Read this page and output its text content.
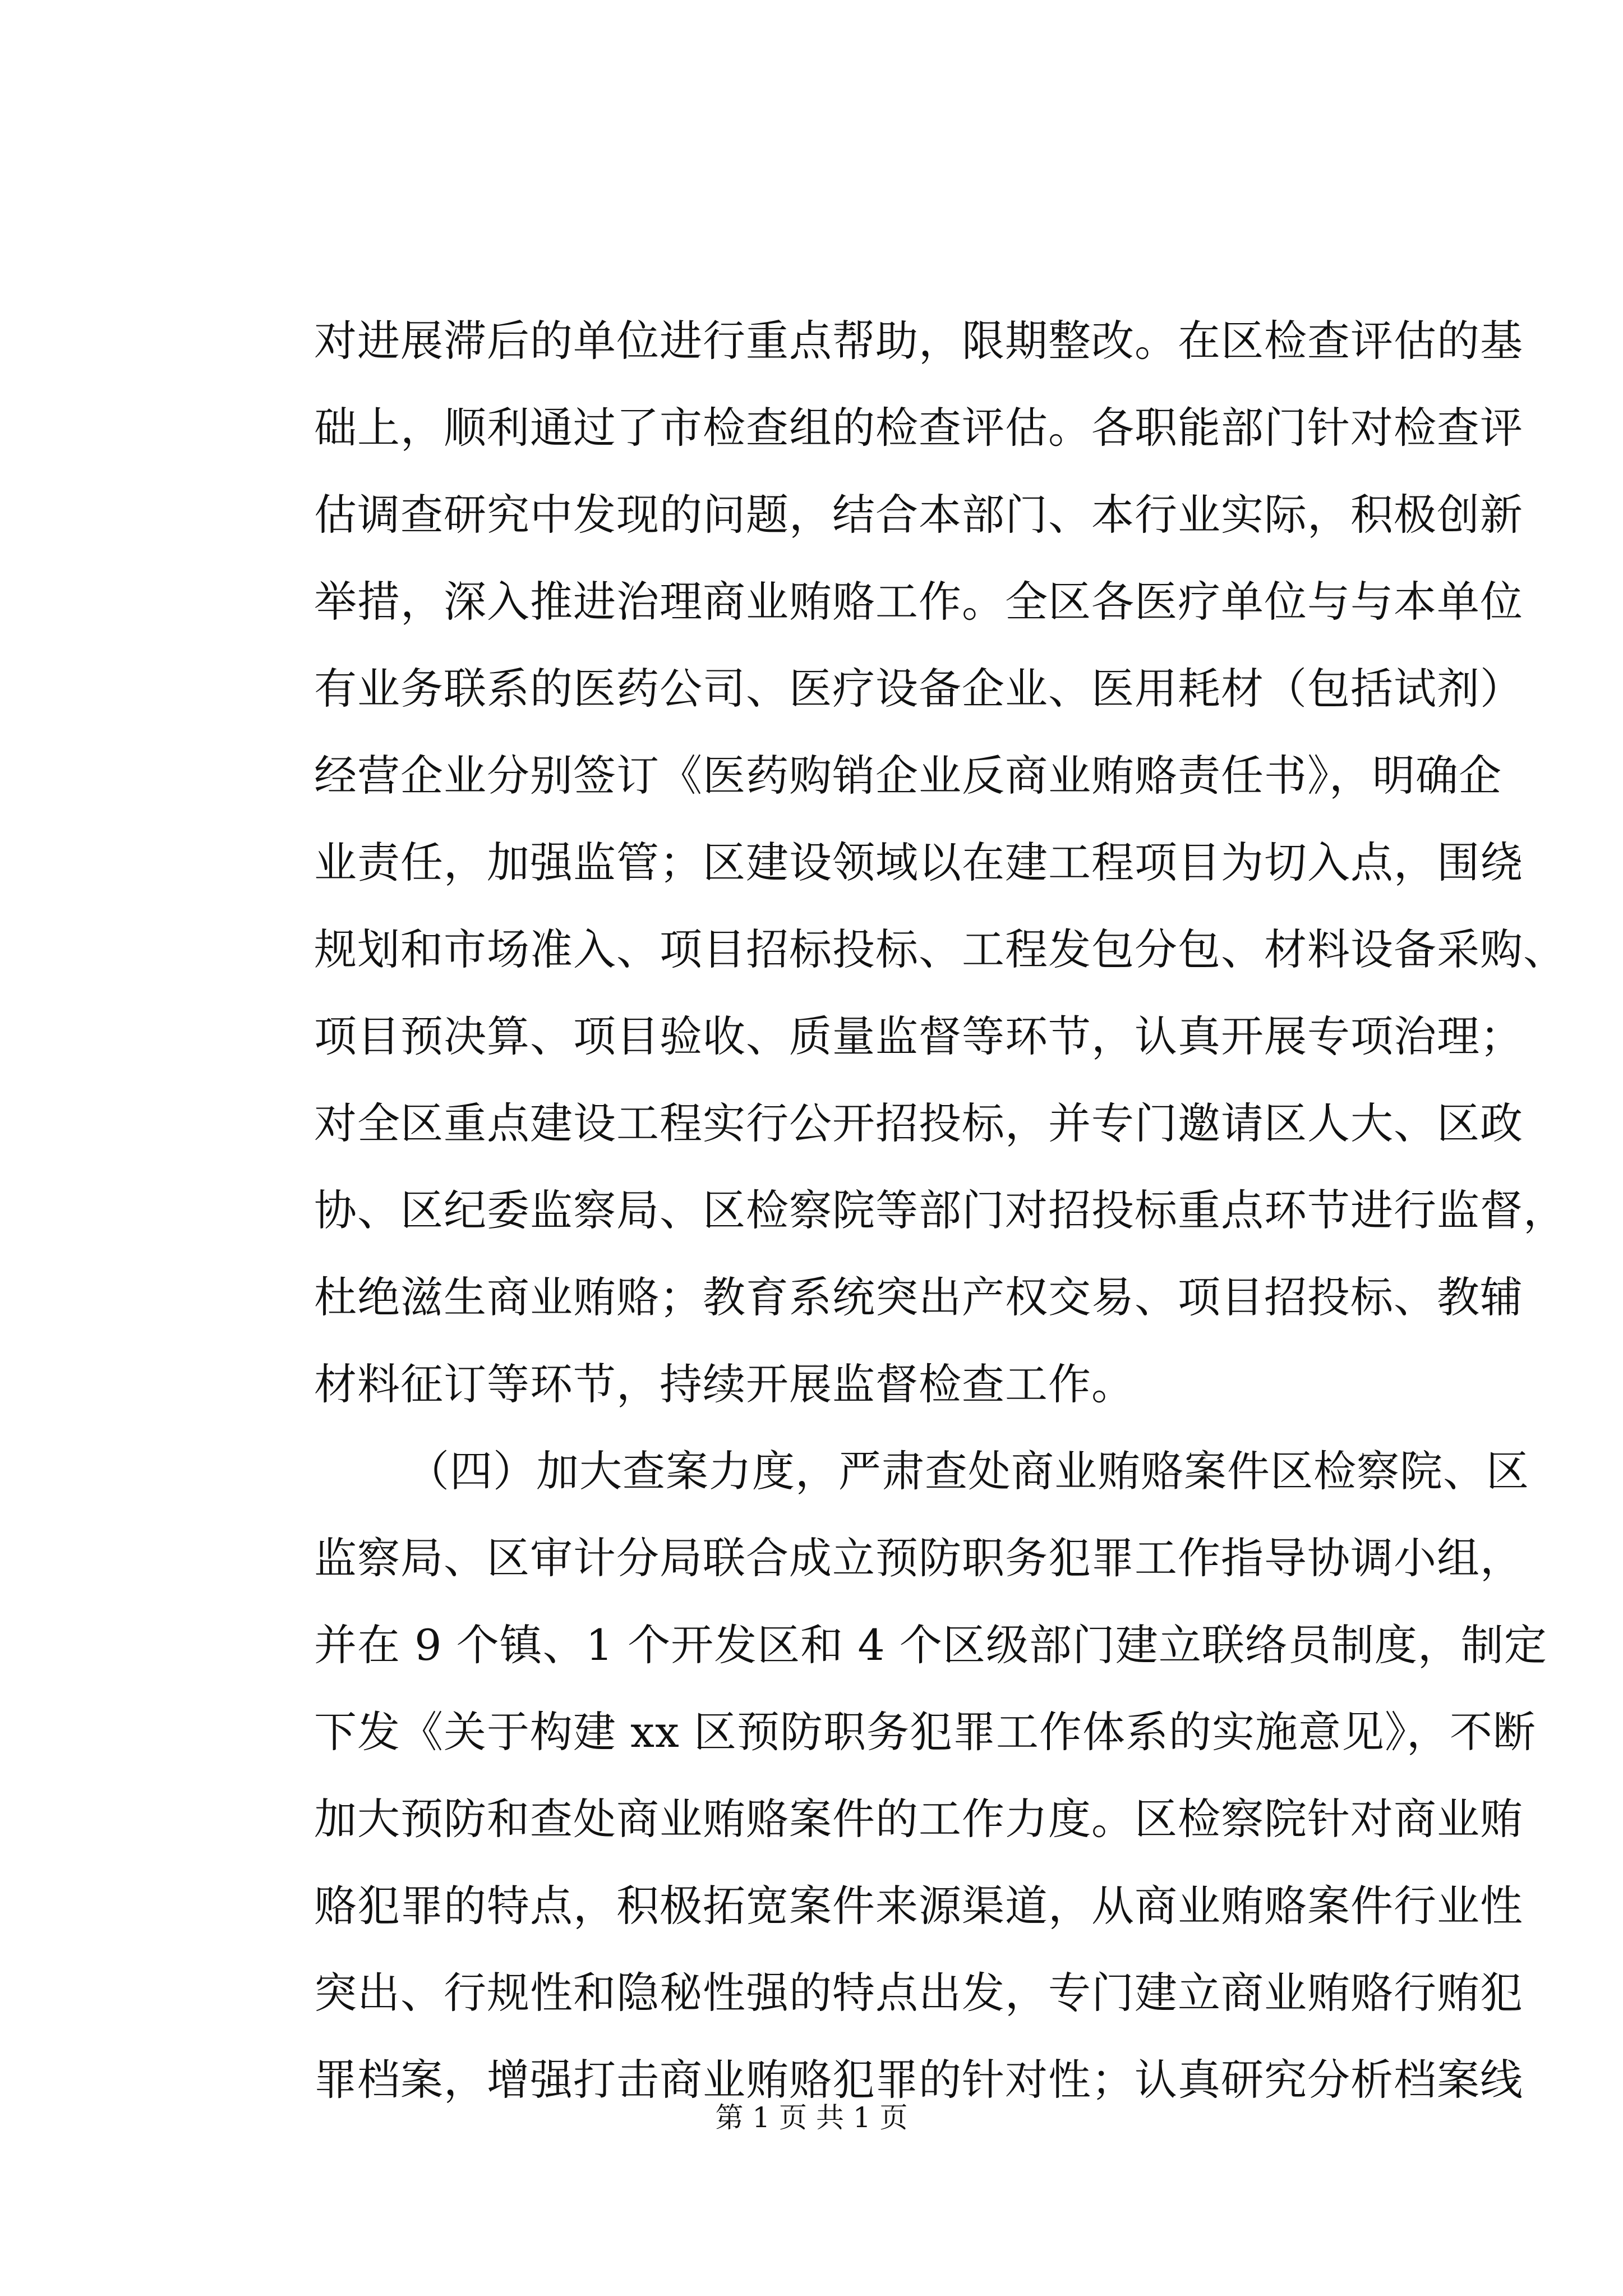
对进展滞后的单位进行重点帮助，限期整改。在区检查评估的基
础上，顺利通过了市检查组的检查评估。各职能部门针对检查评
估调查研究中发现的问题，结合本部门、本行业实际，积极创新
举措，深入推进治理商业贿赂工作。全区各医疗单位与与本单位
有业务联系的医药公司、医疗设备企业、医用耗材（包括试剂）
经营企业分别签订《医药购销企业反商业贿赂责任书》，明确企
业责任，加强监管；区建设领域以在建工程项目为切入点，围绕
规划和市场准入、项目招标投标、工程发包分包、材料设备采购、
项目预决算、项目验收、质量监督等环节，认真开展专项治理；
对全区重点建设工程实行公开招投标，并专门邀请区人大、区政
协、区纪委监察局、区检察院等部门对招投标重点环节进行监督，
杜绝滋生商业贿赂；教育系统突出产权交易、项目招投标、教辅
材料征订等环节，持续开展监督检查工作。
（四）加大查案力度，严肃查处商业贿赂案件区检察院、区
监察局、区审计分局联合成立预防职务犯罪工作指导协调小组，
并在 9 个镇、1 个开发区和 4 个区级部门建立联络员制度，制定
下发《关于构建 xx 区预防职务犯罪工作体系的实施意见》，不断
加大预防和查处商业贿赂案件的工作力度。区检察院针对商业贿
赂犯罪的特点，积极拓宽案件来源渠道，从商业贿赂案件行业性
突出、行规性和隐秘性强的特点出发，专门建立商业贿赂行贿犯
罪档案，增强打击商业贿赂犯罪的针对性；认真研究分析档案线
第 1 页 共 1 页
